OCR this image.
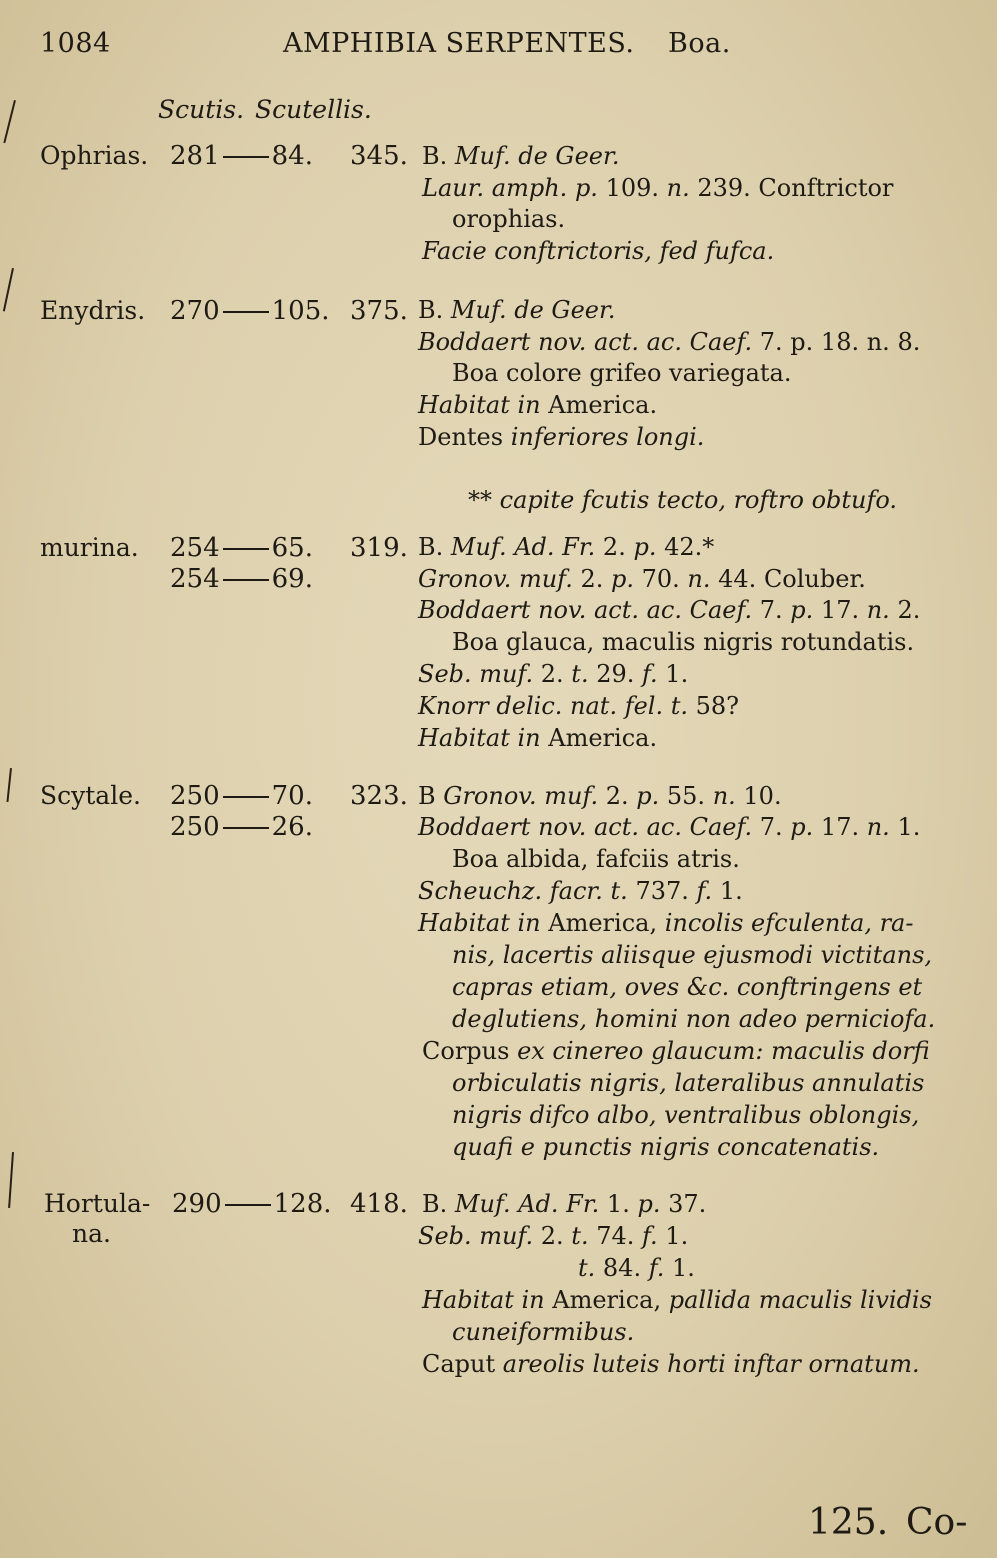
1084	AMPHIBIA SERPENTES. Boa.
Scutis. Scutellis.
Ophrias. 281 84. 345. B. Muf. de Geer.
Laur. amph. p. 109. n. 239. Conftrictor
orophias.
Facie conftrictoris, fed fufca.
Enydris. 270 105. 375. B. Muf. de Geer.
Boddaert nov. act. ac. Caef. 7. p. 18. n. 8.
Boa colore grifeo variegata.
Habitat in America.
Dentes inferiores longi.
** capite fcutis tecto, roftro obtufo.
murina. 254 65.
254 69.
319. B. Muf. Ad. Fr. 2. p. 42.*
Gronov. muf. 2. p. 70. n. 44. Coluber.
Boddaert nov. act. ac. Caef. 7. p. 17. n. 2.
Boa glauca, maculis nigris rotundatis.
Seb. muf. 2. t. 29. f. 1.
Knorr delic. nat. fel. t. 58?
Habitat in America.
Scytale. 250 70.
250 26.
323. B Gronov. muf. 2. p. 55. n. 10.
Boddaert nov. act. ac. Caef. 7. p. 17. n. 1.
Boa albida, fafciis atris.
Scheuchz. facr. t. 737. f. 1.
Habitat in America, incolis efculenta, ra-
nis, lacertis aliisque ejusmodi victitans,
capras etiam, oves &c. conftringens et
deglutiens, homini non adeo perniciofa.
Corpus ex cinereo glaucum: maculis dorfi
orbiculatis nigris, lateralibus annulatis
nigris difco albo, ventralibus oblongis,
quafi e punctis nigris concatenatis.
Hortula-
na.
290 128. 418. B. Muf. Ad. Fr. 1. p. 37.
Seb. muf. 2. t. 74. f. 1.
t. 84. f. 1.
Habitat in America, pallida maculis lividis
cuneiformibus.
Caput areolis luteis horti inftar ornatum.
125. Co-
